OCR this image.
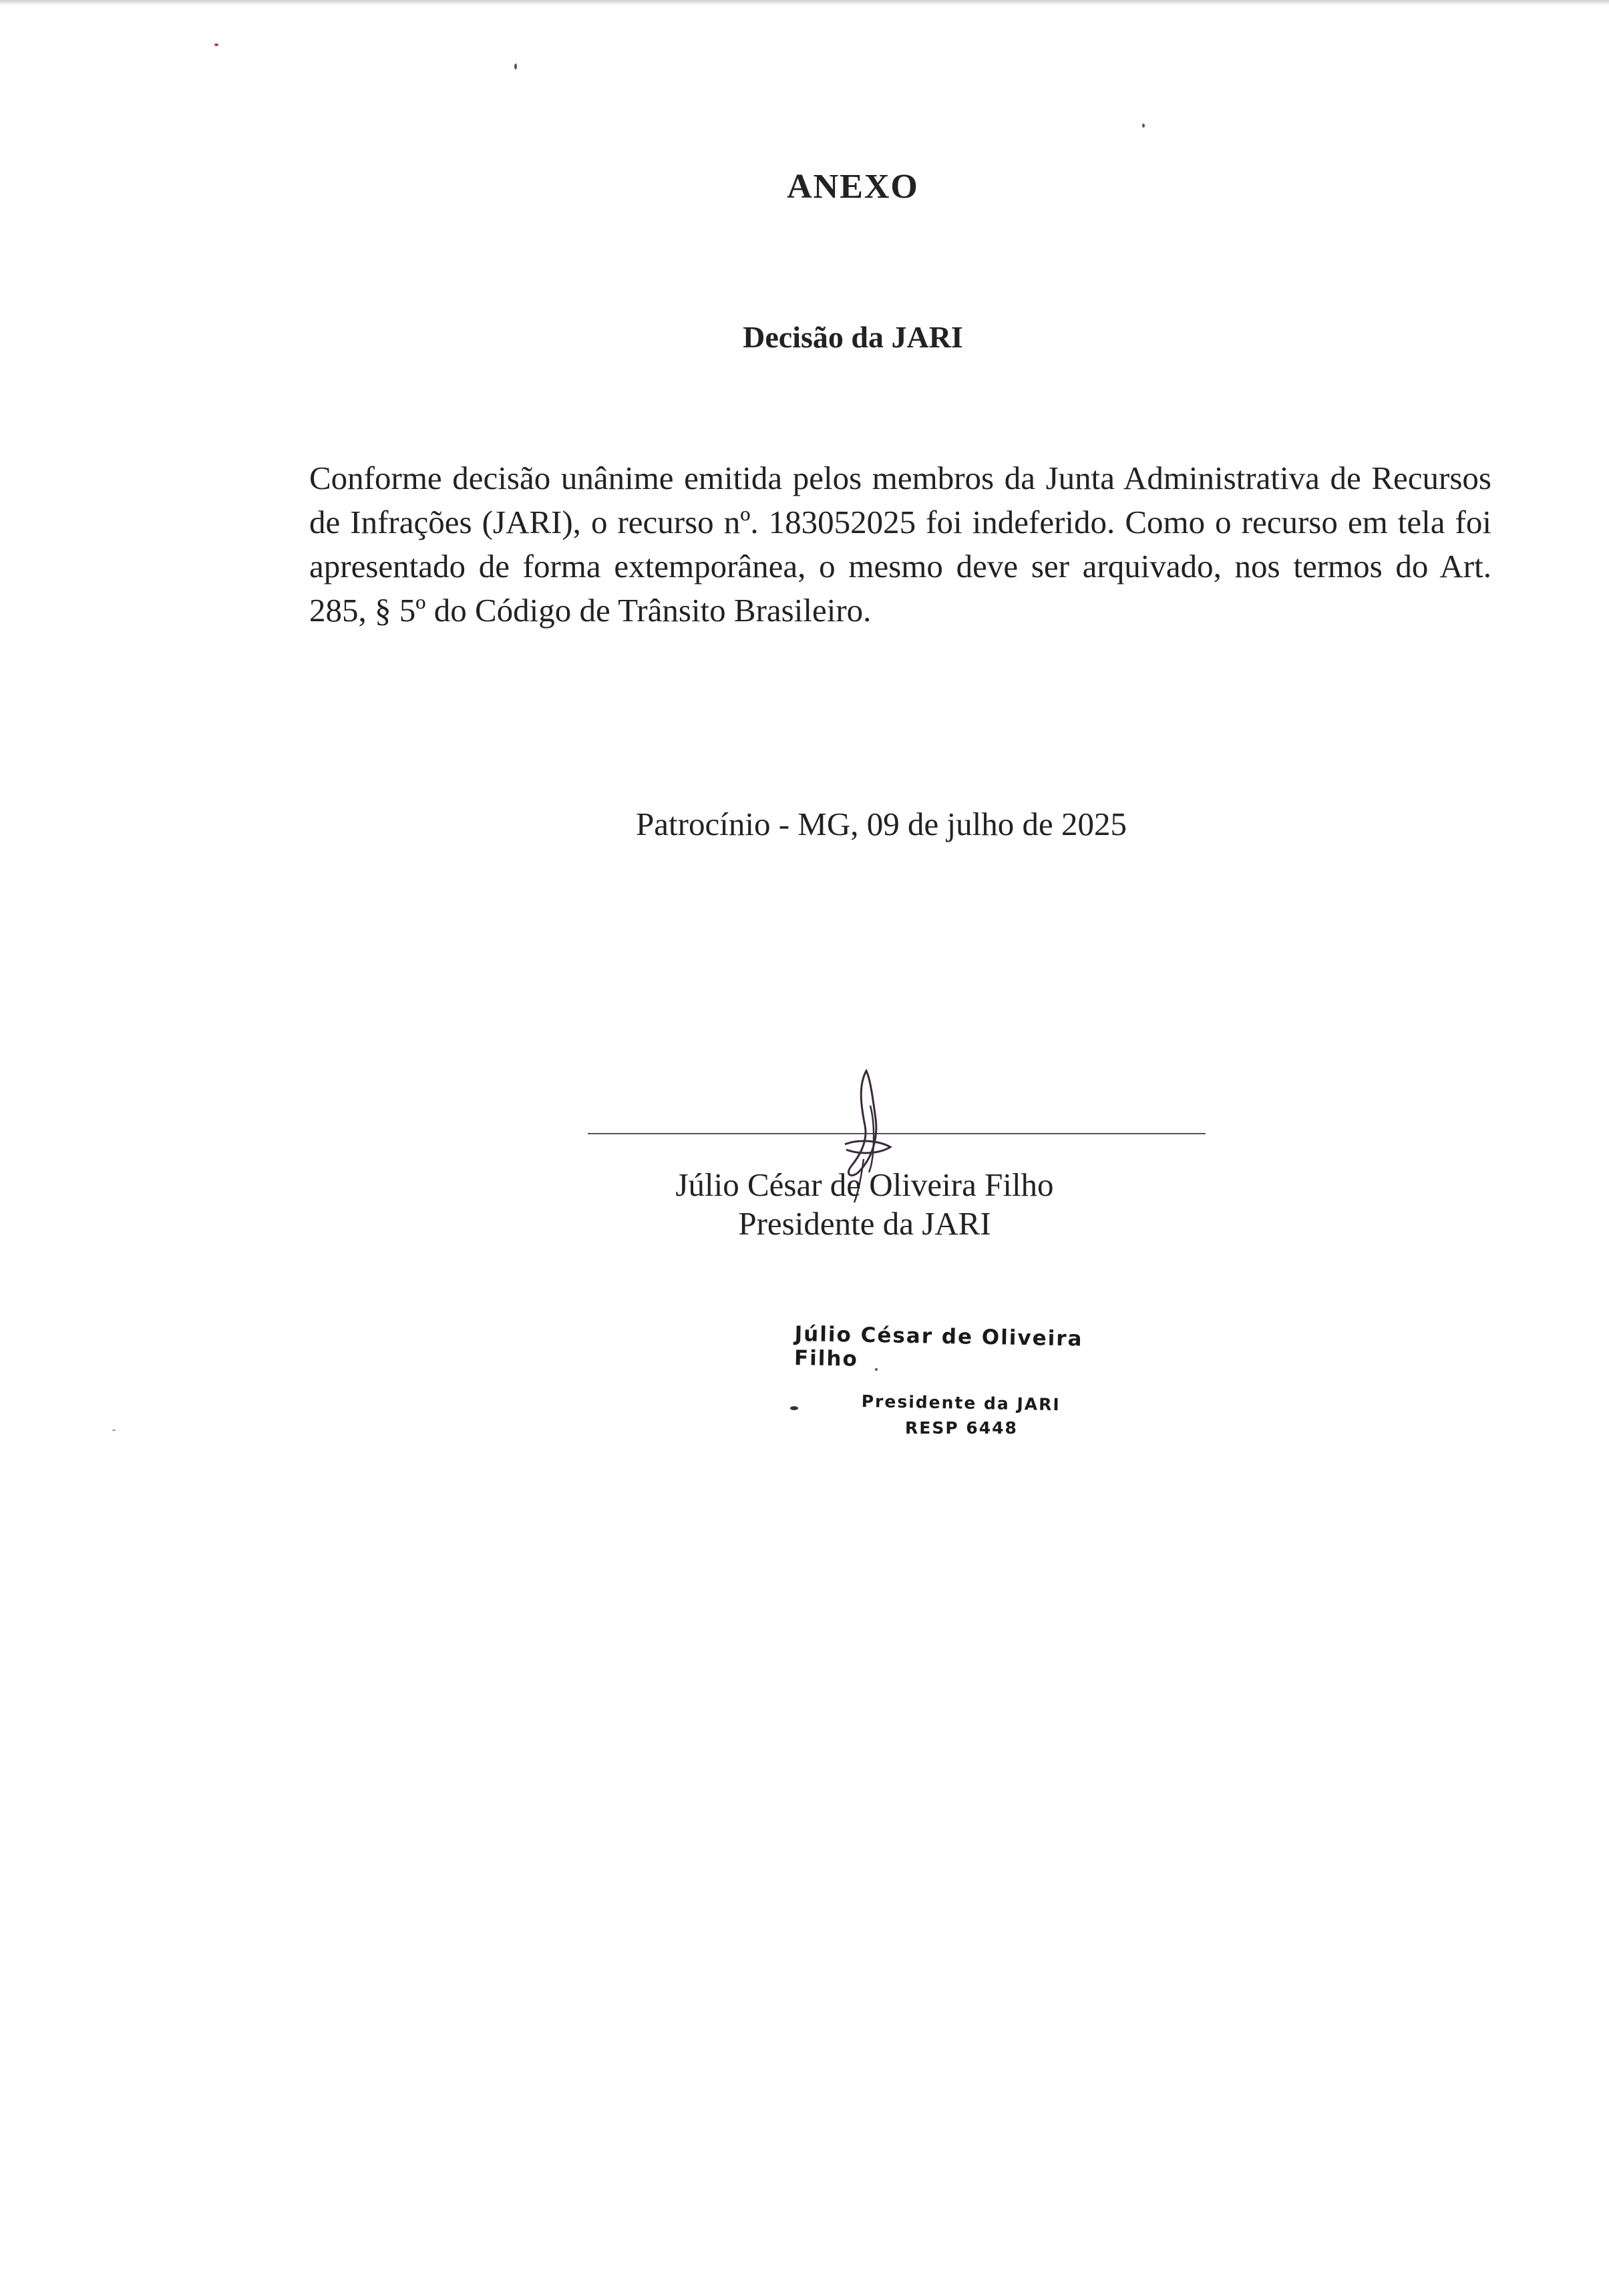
ANEXO
Decisão da JARI

Conforme decisão unânime emitida pelos membros da Junta Administrativa de Recursos de Infrações (JARI), o recurso nº. 183052025 foi indeferido. Como o recurso em tela foi apresentado de forma extemporânea, o mesmo deve ser arquivado, nos termos do Art. 285, § 5º do Código de Trânsito Brasileiro.

Patrocínio - MG, 09 de julho de 2025

Júlio César de Oliveira Filho

Presidente da JARI

Júlio César de Oliveira Filho
Presidente da JARI
RESP 6448
